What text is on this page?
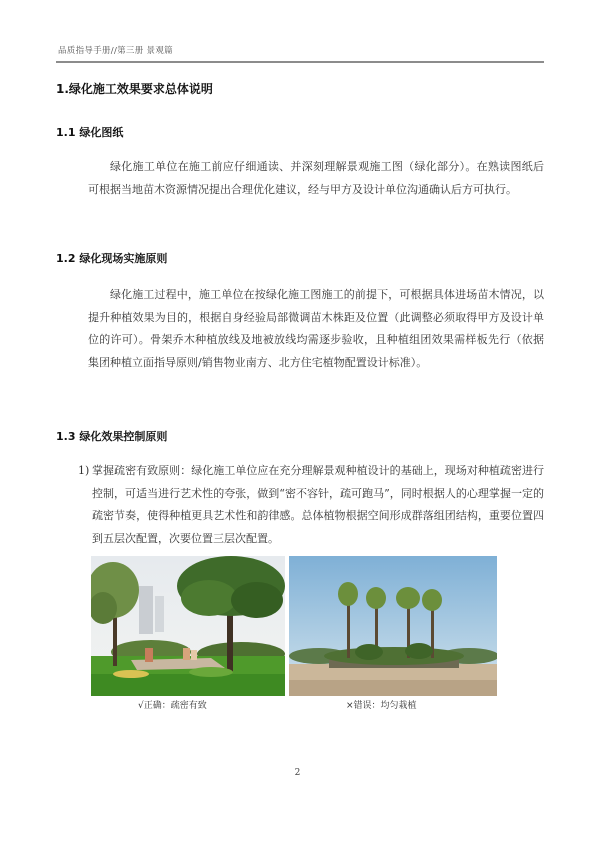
品质指导手册//第三册 景观篇
1.绿化施工效果要求总体说明
1.1 绿化图纸
绿化施工单位在施工前应仔细通读、并深刻理解景观施工图（绿化部分）。在熟读图纸后可根据当地苗木资源情况提出合理优化建议，经与甲方及设计单位沟通确认后方可执行。
1.2 绿化现场实施原则
绿化施工过程中，施工单位在按绿化施工图施工的前提下，可根据具体进场苗木情况，以提升种植效果为目的，根据自身经验局部微调苗木株距及位置（此调整必须取得甲方及设计单位的许可）。骨架乔木种植放线及地被放线均需逐步验收，且种植组团效果需样板先行（依据集团种植立面指导原则/销售物业南方、北方住宅植物配置设计标准）。
1.3 绿化效果控制原则
1) 掌握疏密有致原则：绿化施工单位应在充分理解景观种植设计的基础上，现场对种植疏密进行控制，可适当进行艺术性的夸张，做到“密不容针，疏可跑马”，同时根据人的心理掌握一定的疏密节奏，使得种植更具艺术性和韵律感。总体植物根据空间形成群落组团结构，重要位置四到五层次配置，次要位置三层次配置。
√正确：疏密有致	×错误：均匀栽植
2
